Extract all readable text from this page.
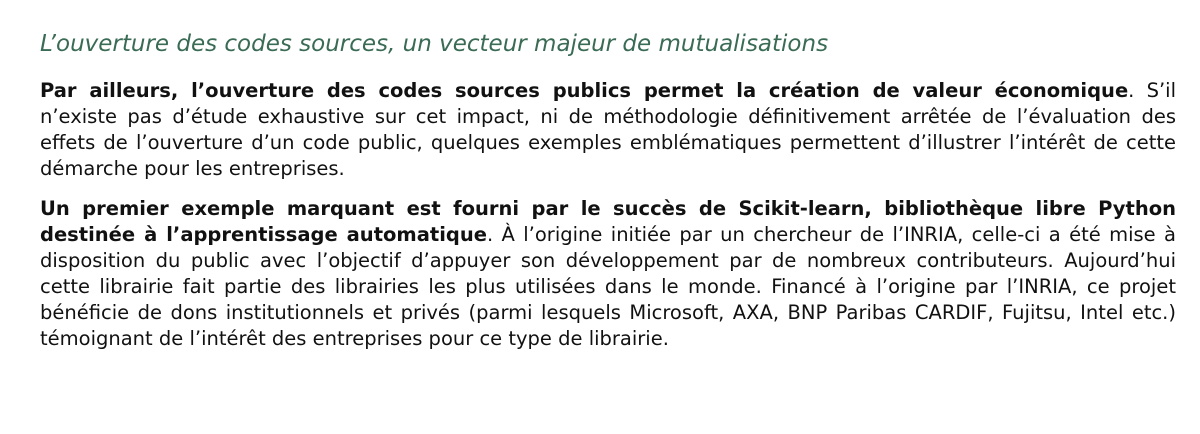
L’ouverture des codes sources, un vecteur majeur de mutualisations

Par ailleurs, l’ouverture des codes sources publics permet la création de valeur économique. S’il n’existe pas d’étude exhaustive sur cet impact, ni de méthodologie définitivement arrêtée de l’évaluation des effets de l’ouverture d’un code public, quelques exemples emblématiques permettent d’illustrer l’intérêt de cette démarche pour les entreprises.

Un premier exemple marquant est fourni par le succès de Scikit-learn, bibliothèque libre Python destinée à l’apprentissage automatique. À l’origine initiée par un chercheur de l’INRIA, celle-ci a été mise à disposition du public avec l’objectif d’appuyer son développement par de nombreux contributeurs. Aujourd’hui cette librairie fait partie des librairies les plus utilisées dans le monde. Financé à l’origine par l’INRIA, ce projet bénéficie de dons institutionnels et privés (parmi lesquels Microsoft, AXA, BNP Paribas CARDIF, Fujitsu, Intel etc.) témoignant de l’intérêt des entreprises pour ce type de librairie.
